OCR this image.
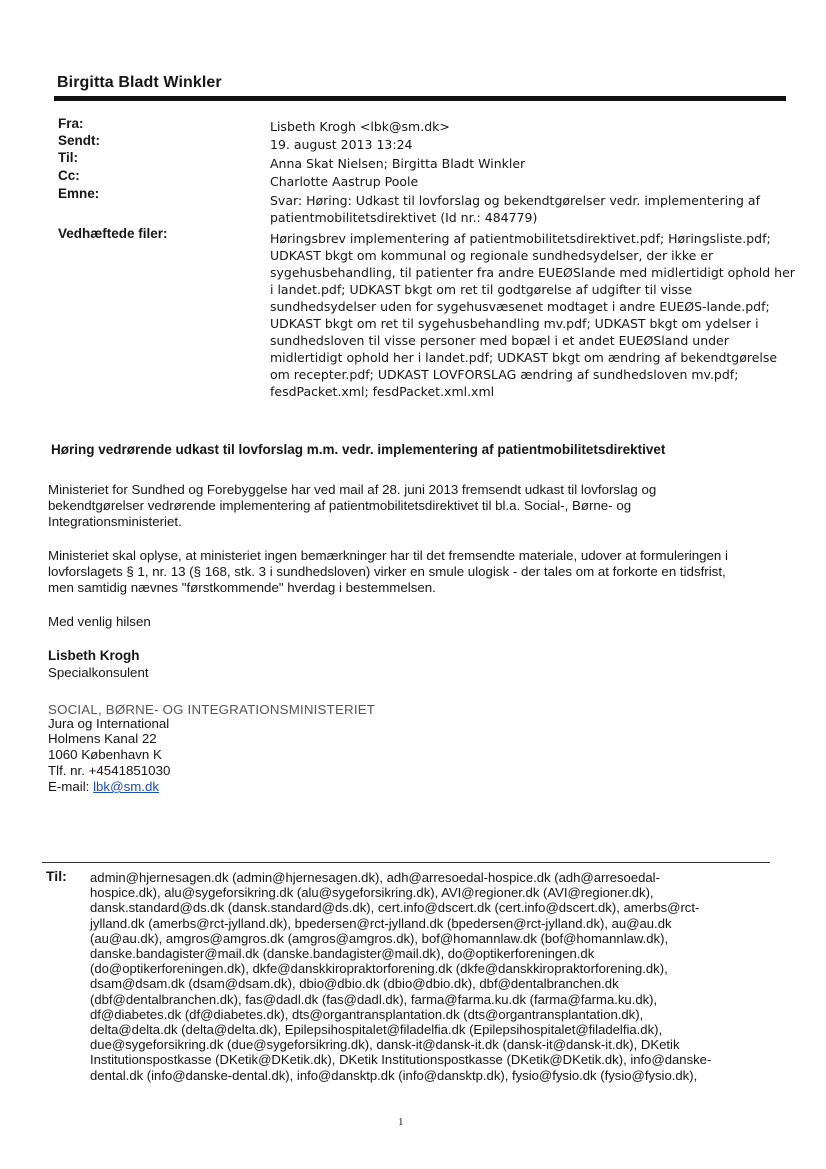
Birgitta Bladt Winkler
Fra:
Sendt:
Til:
Cc:
Emne:
Vedhæftede filer:
Lisbeth Krogh <lbk@sm.dk>
19. august 2013 13:24
Anna Skat Nielsen; Birgitta Bladt Winkler
Charlotte Aastrup Poole
Svar: Høring: Udkast til lovforslag og bekendtgørelser vedr. implementering af
patientmobilitetsdirektivet (Id nr.: 484779)
Høringsbrev implementering af patientmobilitetsdirektivet.pdf; Høringsliste.pdf;
UDKAST bkgt om kommunal og regionale sundhedsydelser, der ikke er
sygehusbehandling, til patienter fra andre EUEØSlande med midlertidigt ophold her
i landet.pdf; UDKAST bkgt om ret til godtgørelse af udgifter til visse
sundhedsydelser uden for sygehusvæsenet modtaget i andre EUEØS-lande.pdf;
UDKAST bkgt om ret til sygehusbehandling mv.pdf; UDKAST bkgt om ydelser i
sundhedsloven til visse personer med bopæl i et andet EUEØSland under
midlertidigt ophold her i landet.pdf; UDKAST bkgt om ændring af bekendtgørelse
om recepter.pdf; UDKAST LOVFORSLAG ændring af sundhedsloven mv.pdf;
fesdPacket.xml; fesdPacket.xml.xml
Høring vedrørende udkast til lovforslag m.m. vedr. implementering af patientmobilitetsdirektivet
Ministeriet for Sundhed og Forebyggelse har ved mail af 28. juni 2013 fremsendt udkast til lovforslag og
bekendtgørelser vedrørende implementering af patientmobilitetsdirektivet til bl.a. Social-, Børne- og
Integrationsministeriet.
Ministeriet skal oplyse, at ministeriet ingen bemærkninger har til det fremsendte materiale, udover at formuleringen i
lovforslagets § 1, nr. 13 (§ 168, stk. 3 i sundhedsloven) virker en smule ulogisk - der tales om at forkorte en tidsfrist,
men samtidig nævnes "førstkommende" hverdag i bestemmelsen.
Med venlig hilsen
Lisbeth Krogh
Specialkonsulent
SOCIAL, BØRNE- OG INTEGRATIONSMINISTERIET
Jura og International
Holmens Kanal 22
1060 København K
Tlf. nr. +4541851030
E-mail: lbk@sm.dk
Til: admin@hjernesagen.dk (admin@hjernesagen.dk), adh@arresoedal-hospice.dk (adh@arresoedal-
hospice.dk), alu@sygeforsikring.dk (alu@sygeforsikring.dk), AVI@regioner.dk (AVI@regioner.dk),
dansk.standard@ds.dk (dansk.standard@ds.dk), cert.info@dscert.dk (cert.info@dscert.dk), amerbs@rct-
jylland.dk (amerbs@rct-jylland.dk), bpedersen@rct-jylland.dk (bpedersen@rct-jylland.dk), au@au.dk
(au@au.dk), amgros@amgros.dk (amgros@amgros.dk), bof@homannlaw.dk (bof@homannlaw.dk),
danske.bandagister@mail.dk (danske.bandagister@mail.dk), do@optikerforeningen.dk
(do@optikerforeningen.dk), dkfe@danskkiropraktorforening.dk (dkfe@danskkiropraktorforening.dk),
dsam@dsam.dk (dsam@dsam.dk), dbio@dbio.dk (dbio@dbio.dk), dbf@dentalbranchen.dk
(dbf@dentalbranchen.dk), fas@dadl.dk (fas@dadl.dk), farma@farma.ku.dk (farma@farma.ku.dk),
df@diabetes.dk (df@diabetes.dk), dts@organtransplantation.dk (dts@organtransplantation.dk),
delta@delta.dk (delta@delta.dk), Epilepsihospitalet@filadelfia.dk (Epilepsihospitalet@filadelfia.dk),
due@sygeforsikring.dk (due@sygeforsikring.dk), dansk-it@dansk-it.dk (dansk-it@dansk-it.dk), DKetik
Institutionspostkasse (DKetik@DKetik.dk), DKetik Institutionspostkasse (DKetik@DKetik.dk), info@danske-
dental.dk (info@danske-dental.dk), info@dansktp.dk (info@dansktp.dk), fysio@fysio.dk (fysio@fysio.dk),
1
